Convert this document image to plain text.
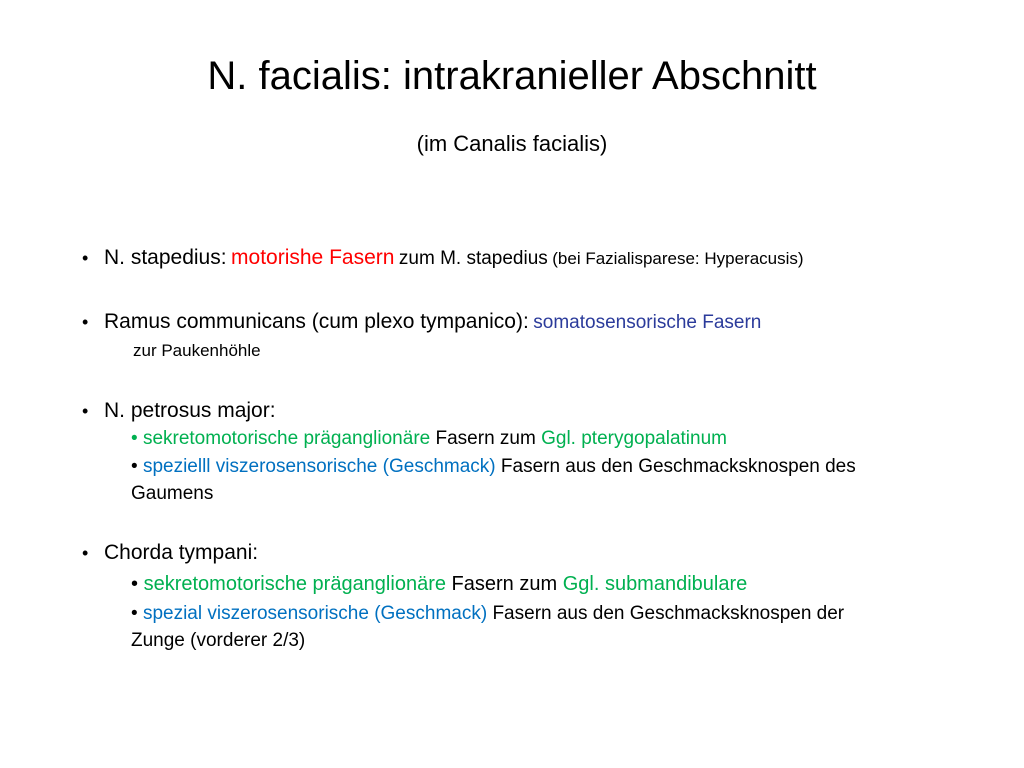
N. facialis: intrakranieller Abschnitt
(im Canalis facialis)
• N. stapedius: motorishe Fasern zum M. stapedius (bei Fazialisparese: Hyperacusis)
• Ramus communicans (cum plexo tympanico): somatosensorische Fasern
zur Paukenhöhle
• N. petrosus major:
• sekretomotorische präganglionäre Fasern zum Ggl. pterygopalatinum
• spezielll viszerosensorische (Geschmack) Fasern aus den Geschmacksknospen des
Gaumens
• Chorda tympani:
• sekretomotorische präganglionäre Fasern zum Ggl. submandibulare
• spezial viszerosensorische (Geschmack) Fasern aus den Geschmacksknospen der
Zunge (vorderer 2/3)
